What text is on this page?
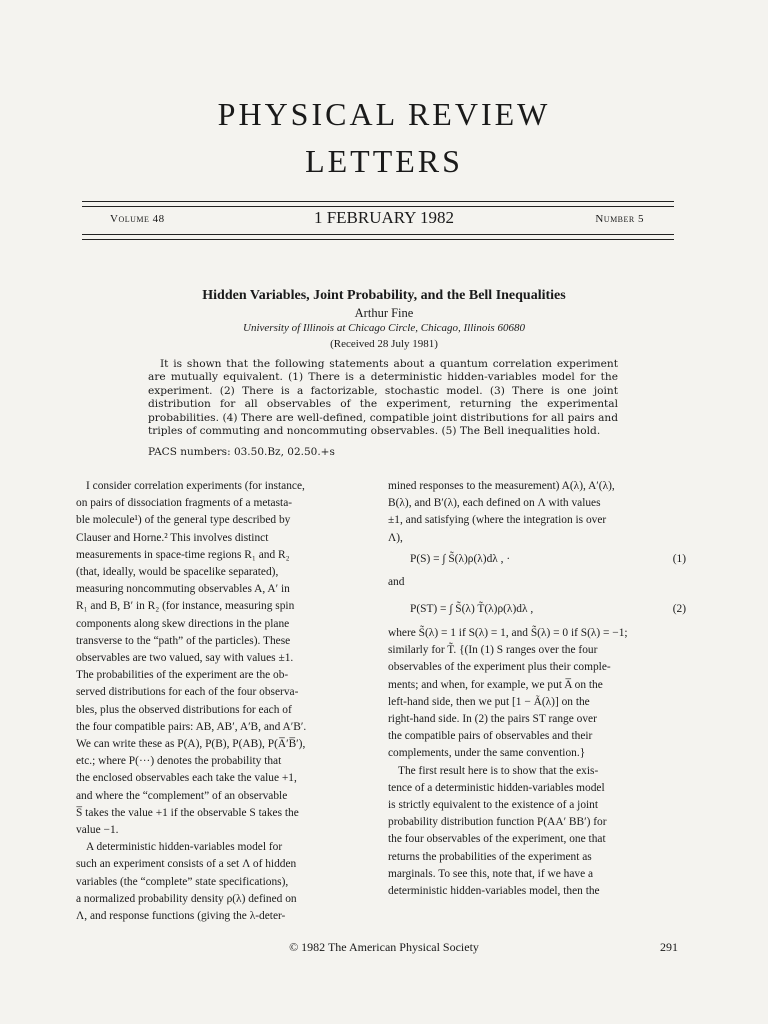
PHYSICAL REVIEW
LETTERS
Volume 48	1 FEBRUARY 1982	Number 5
Hidden Variables, Joint Probability, and the Bell Inequalities
Arthur Fine
University of Illinois at Chicago Circle, Chicago, Illinois 60680
(Received 28 July 1981)

It is shown that the following statements about a quantum correlation experiment are mutually equivalent. (1) There is a deterministic hidden-variables model for the experiment. (2) There is a factorizable, stochastic model. (3) There is one joint distribution for all observables of the experiment, returning the experimental probabilities. (4) There are well-defined, compatible joint distributions for all pairs and triples of commuting and noncommuting observables. (5) The Bell inequalities hold.

PACS numbers: 03.50.Bz, 02.50.+s
I consider correlation experiments (for instance,
on pairs of dissociation fragments of a metasta-
ble molecule¹) of the general type described by
Clauser and Horne.² This involves distinct
measurements in space-time regions R₁ and R₂
(that, ideally, would be spacelike separated),
measuring noncommuting observables A, A′ in
R₁ and B, B′ in R₂ (for instance, measuring spin
components along skew directions in the plane
transverse to the “path” of the particles). These
observables are two valued, say with values ±1.
The probabilities of the experiment are the ob-
served distributions for each of the four observa-
bles, plus the observed distributions for each of
the four compatible pairs: AB, AB′, A′B, and A′B′.
We can write these as P(A), P(B), P(AB), P(A̅′B̅′),
etc.; where P(···) denotes the probability that
the enclosed observables each take the value +1,
and where the “complement” of an observable
S̅ takes the value +1 if the observable S takes the
value −1.
A deterministic hidden-variables model for
such an experiment consists of a set Λ of hidden
variables (the “complete” state specifications),
a normalized probability density ρ(λ) defined on
Λ, and response functions (giving the λ-deter-
mined responses to the measurement) A(λ), A′(λ),
B(λ), and B′(λ), each defined on Λ with values
±1, and satisfying (where the integration is over
Λ),
P(S) = ∫ S̃(λ)ρ(λ)dλ , ·	(1)
and
P(ST) = ∫ S̃(λ) T̃(λ)ρ(λ)dλ ,	(2)
where S̃(λ) = 1 if S(λ) = 1, and S̃(λ) = 0 if S(λ) = −1;
similarly for T̃. {(In (1) S ranges over the four
observables of the experiment plus their comple-
ments; and when, for example, we put A̅ on the
left-hand side, then we put [1 − Ã(λ)] on the
right-hand side. In (2) the pairs ST range over
the compatible pairs of observables and their
complements, under the same convention.}
The first result here is to show that the exis-
tence of a deterministic hidden-variables model
is strictly equivalent to the existence of a joint
probability distribution function P(AA′ BB′) for
the four observables of the experiment, one that
returns the probabilities of the experiment as
marginals. To see this, note that, if we have a
deterministic hidden-variables model, then the
© 1982 The American Physical Society	291
